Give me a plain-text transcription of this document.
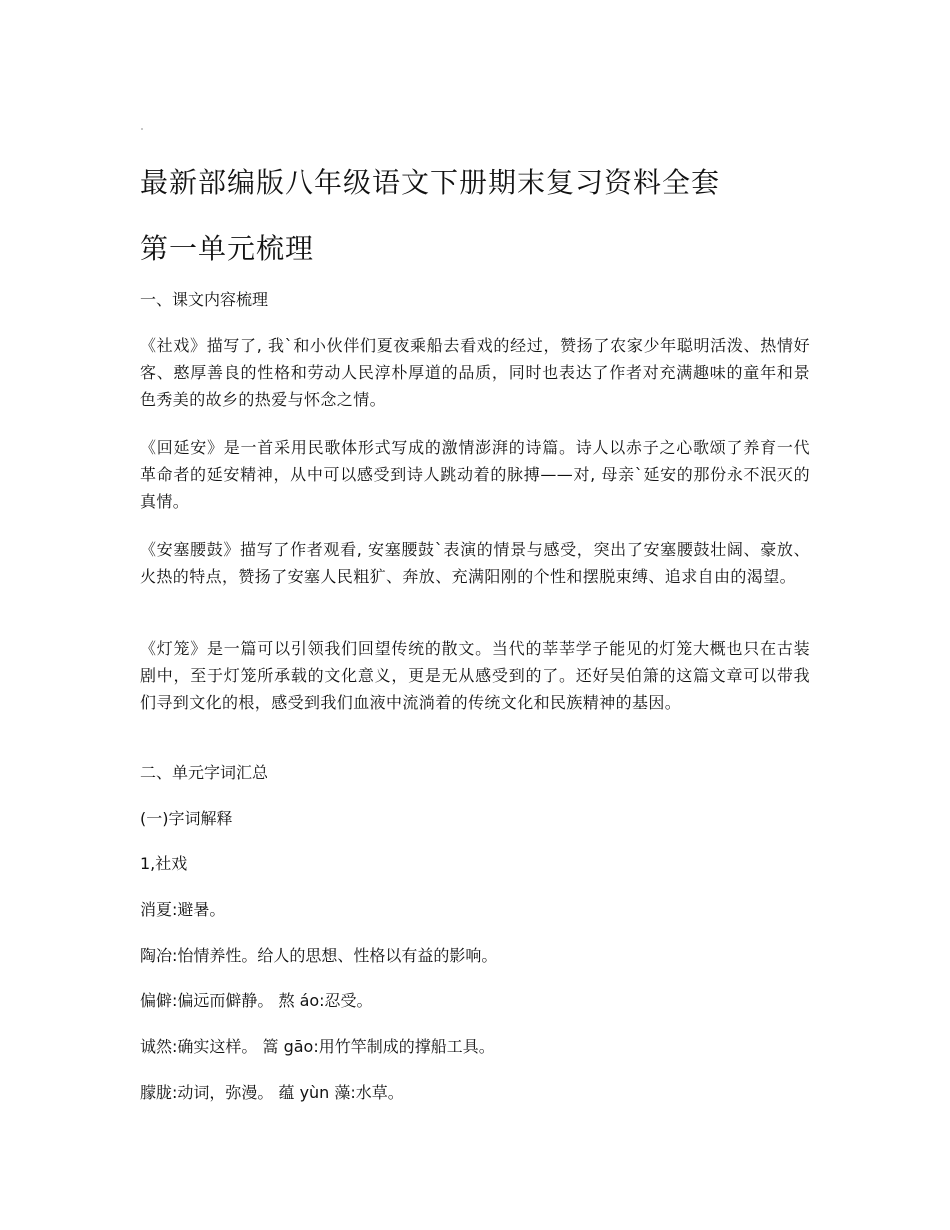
最新部编版八年级语文下册期末复习资料全套
第一单元梳理
一、课文内容梳理

《社戏》描写了, 我`和小伙伴们夏夜乘船去看戏的经过，赞扬了农家少年聪明活泼、热情好客、憨厚善良的性格和劳动人民淳朴厚道的品质，同时也表达了作者对充满趣味的童年和景色秀美的故乡的热爱与怀念之情。

《回延安》是一首采用民歌体形式写成的激情澎湃的诗篇。诗人以赤子之心歌颂了养育一代革命者的延安精神，从中可以感受到诗人跳动着的脉搏——对, 母亲`延安的那份永不泯灭的真情。

《安塞腰鼓》描写了作者观看, 安塞腰鼓`表演的情景与感受，突出了安塞腰鼓壮阔、豪放、火热的特点，赞扬了安塞人民粗犷、奔放、充满阳刚的个性和摆脱束缚、追求自由的渴望。

《灯笼》是一篇可以引领我们回望传统的散文。当代的莘莘学子能见的灯笼大概也只在古装剧中，至于灯笼所承载的文化意义，更是无从感受到的了。还好吴伯箫的这篇文章可以带我们寻到文化的根，感受到我们血液中流淌着的传统文化和民族精神的基因。

二、单元字词汇总
(一)字词解释
1,社戏
消夏:避暑。
陶冶:怡情养性。给人的思想、性格以有益的影响。
偏僻:偏远而僻静。 熬 áo:忍受。
诚然:确实这样。 篙 gāo:用竹竿制成的撑船工具。
朦胧:动词，弥漫。 蕴 yùn 藻:水草。
